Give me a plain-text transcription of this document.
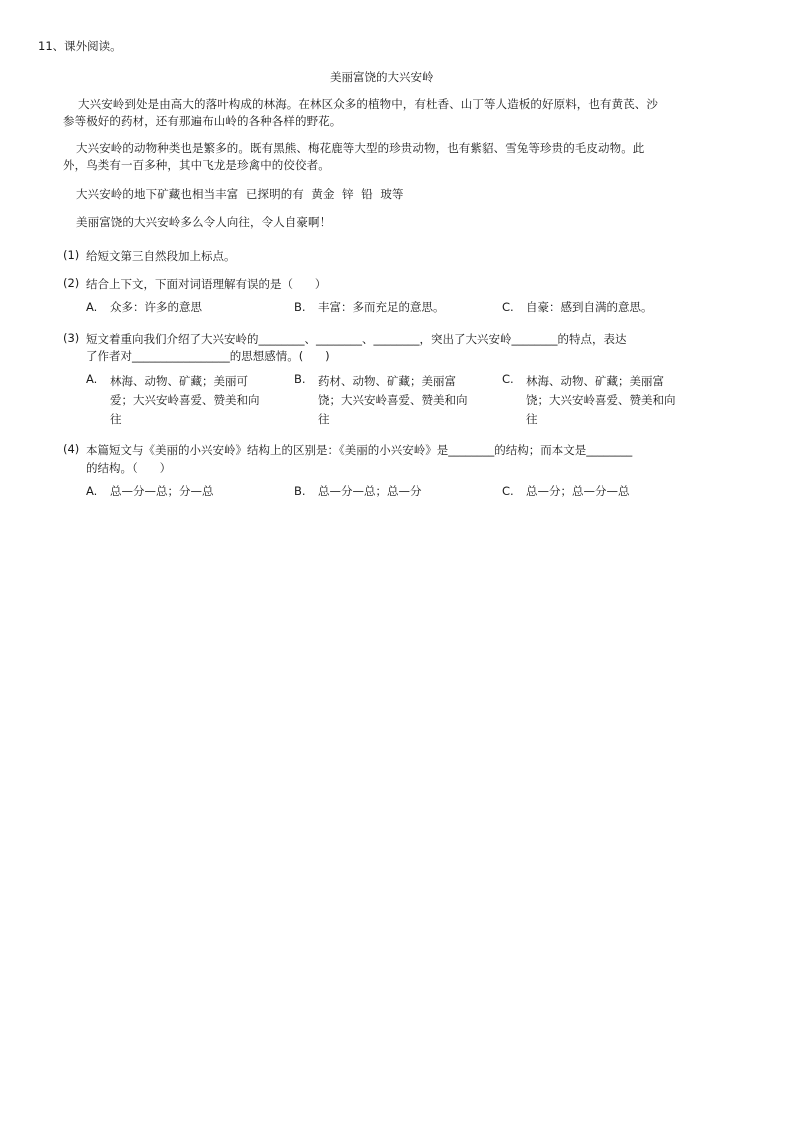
11、课外阅读。
美丽富饶的大兴安岭
大兴安岭到处是由高大的落叶构成的林海。在林区众多的植物中，有杜香、山丁等人造板的好原料，也有黄芪、沙
参等极好的药材，还有那遍布山岭的各种各样的野花。
大兴安岭的动物种类也是繁多的。既有黑熊、梅花鹿等大型的珍贵动物，也有紫貂、雪兔等珍贵的毛皮动物。此
外，鸟类有一百多种，其中飞龙是珍禽中的佼佼者。
大兴安岭的地下矿藏也相当丰富  已探明的有  黄金  锌  铅  玻等
美丽富饶的大兴安岭多么令人向往，令人自豪啊！
(1) 给短文第三自然段加上标点。
(2) 结合上下文，下面对词语理解有误的是（      ）
A. 众多：许多的意思	B. 丰富：多而充足的意思。	C. 自豪：感到自满的意思。
(3) 短文着重向我们介绍了大兴安岭的________、________、________，突出了大兴安岭________的特点，表达
了作者对_________________的思想感情。(      )
A.	林海、动物、矿藏；美丽可
爱；大兴安岭喜爱、赞美和向
往
B.	药材、动物、矿藏；美丽富
饶；大兴安岭喜爱、赞美和向
往
C.	林海、动物、矿藏；美丽富
饶；大兴安岭喜爱、赞美和向
往
(4) 本篇短文与《美丽的小兴安岭》结构上的区别是：《美丽的小兴安岭》是________的结构；而本文是________
的结构。（      ）
A. 总—分—总；分—总	B. 总—分—总；总—分	C. 总—分；总—分—总
